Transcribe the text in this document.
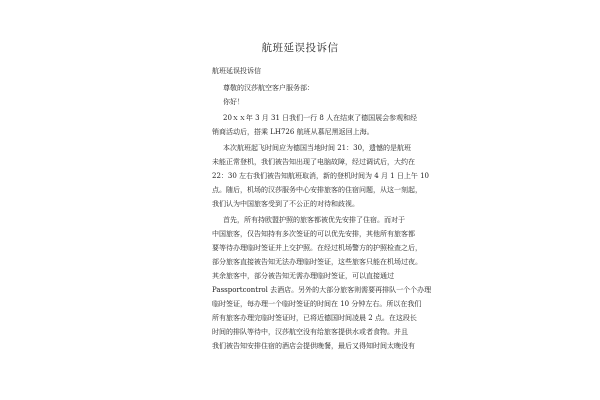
航班延误投诉信
航班延误投诉信
尊敬的汉莎航空客户服务部：
你好！
20ｘｘ年 3 月 31 日我们一行 8 人在结束了德国展会参观和经
销商活动后，搭乘 LH726 航班从慕尼黑返回上海。
本次航班起飞时间应为德国当地时间 21：30，遗憾的是航班
未能正常登机，我们被告知出现了电脑故障，经过调试后，大约在
22：30 左右我们被告知航班取消，新的登机时间为 4 月 1 日上午 10
点。随后，机场的汉莎服务中心安排旅客的住宿问题，从这一刻起，
我们认为中国旅客受到了不公正的对待和歧视。
首先，所有持欧盟护照的旅客都被优先安排了住宿。而对于
中国旅客，仅告知持有多次签证的可以优先安排，其他所有旅客都
要等待办理临时签证并上交护照。在经过机场警方的护照检查之后，
部分旅客直接被告知无法办理临时签证，这些旅客只能在机场过夜。
其余旅客中，部分被告知无需办理临时签证，可以直接通过
Passportcontrol 去酒店。另外的大部分旅客则需要再排队一个个办理
临时签证，每办理一个临时签证的时间在 10 分钟左右。所以在我们
所有旅客办理完临时签证时，已将近德国时间凌晨 2 点。在这段长
时间的排队等待中，汉莎航空没有给旅客提供水或者食物。并且
我们被告知安排住宿的酒店会提供晚餐，最后又得知时间太晚没有
